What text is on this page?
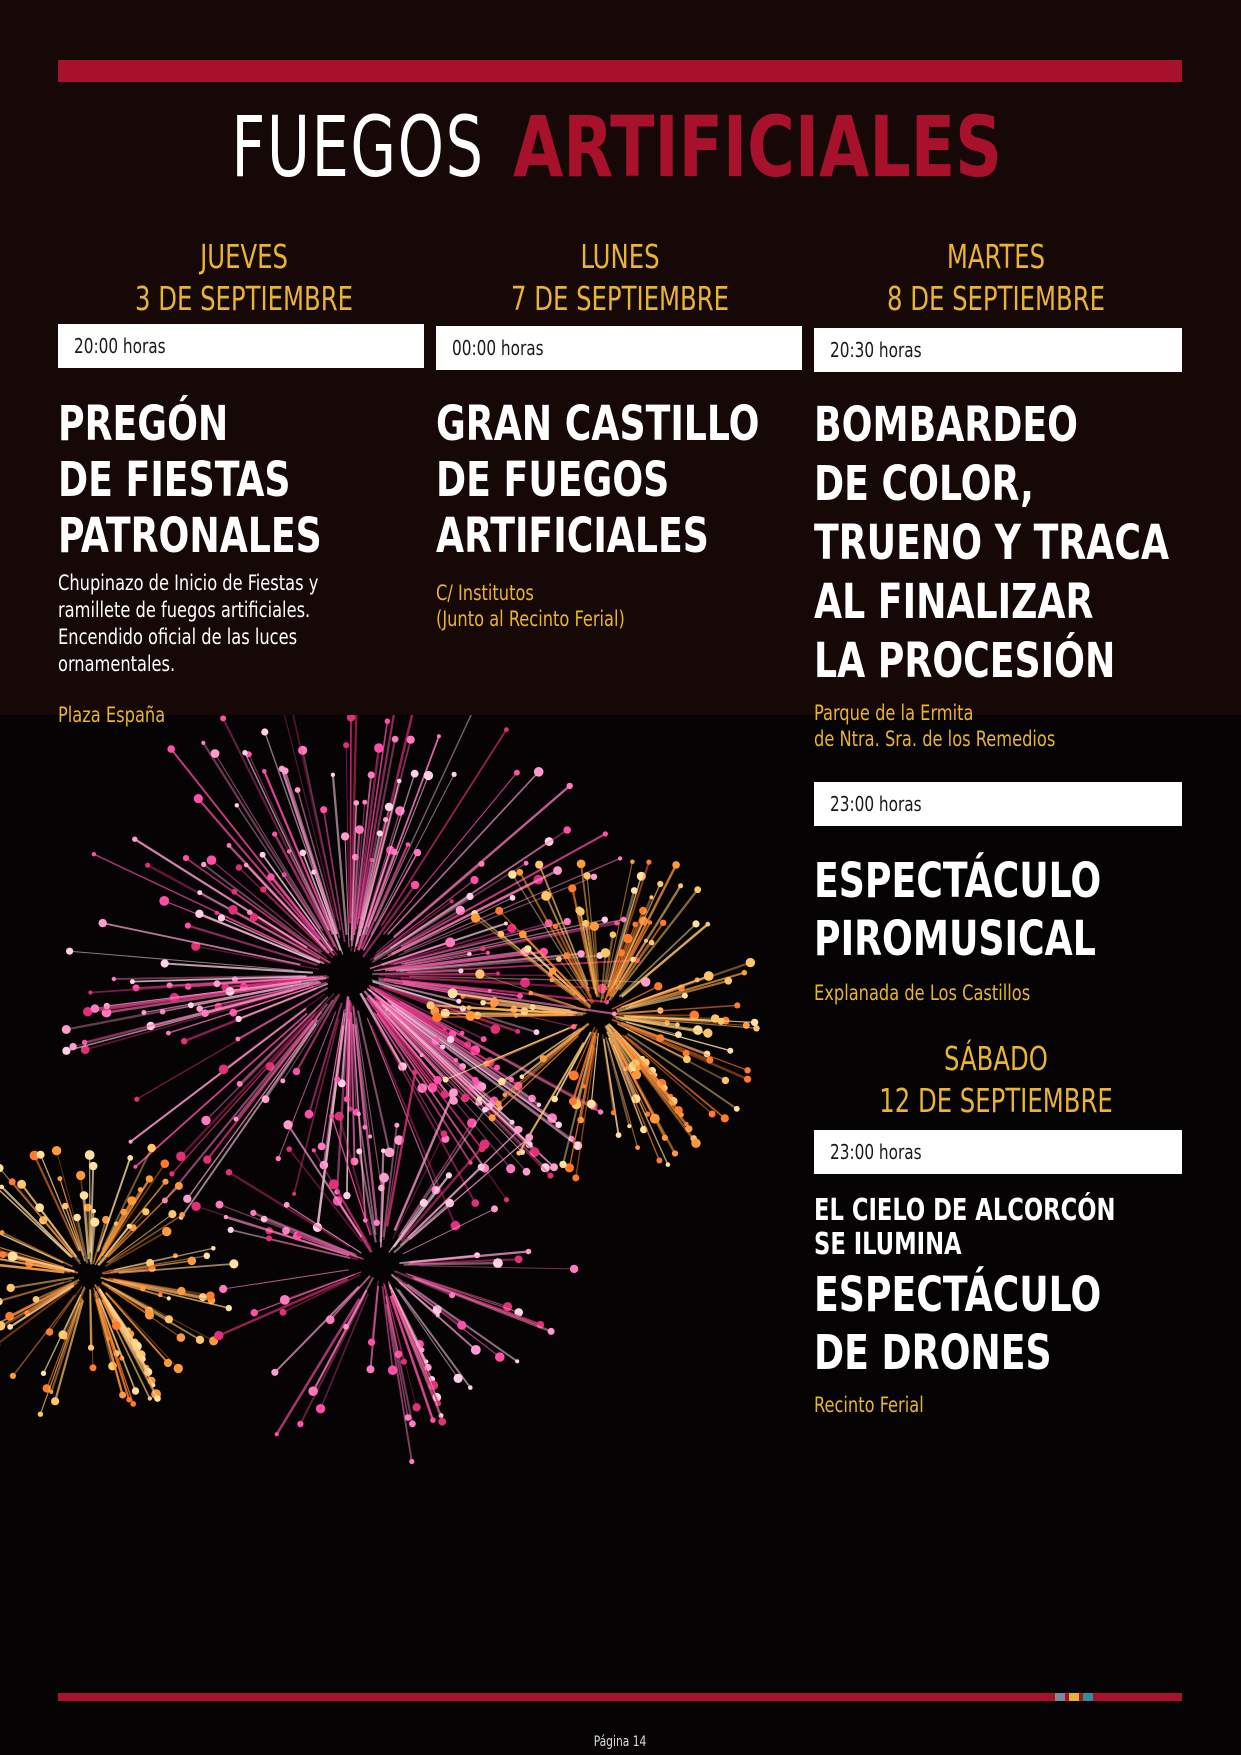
FUEGOS ARTIFICIALES
JUEVES
3 DE SEPTIEMBRE
20:00 horas
PREGÓN
DE FIESTAS
PATRONALES
Chupinazo de Inicio de Fiestas y
ramillete de fuegos artificiales.
Encendido oficial de las luces
ornamentales.
Plaza España
LUNES
7 DE SEPTIEMBRE
00:00 horas
GRAN CASTILLO
DE FUEGOS
ARTIFICIALES
C/ Institutos
(Junto al Recinto Ferial)
MARTES
8 DE SEPTIEMBRE
20:30 horas
BOMBARDEO
DE COLOR,
TRUENO Y TRACA
AL FINALIZAR
LA PROCESIÓN
Parque de la Ermita
de Ntra. Sra. de los Remedios
23:00 horas
ESPECTÁCULO
PIROMUSICAL
Explanada de Los Castillos
SÁBADO
12 DE SEPTIEMBRE
23:00 horas
EL CIELO DE ALCORCÓN
SE ILUMINA
ESPECTÁCULO
DE DRONES
Recinto Ferial
Página 14
